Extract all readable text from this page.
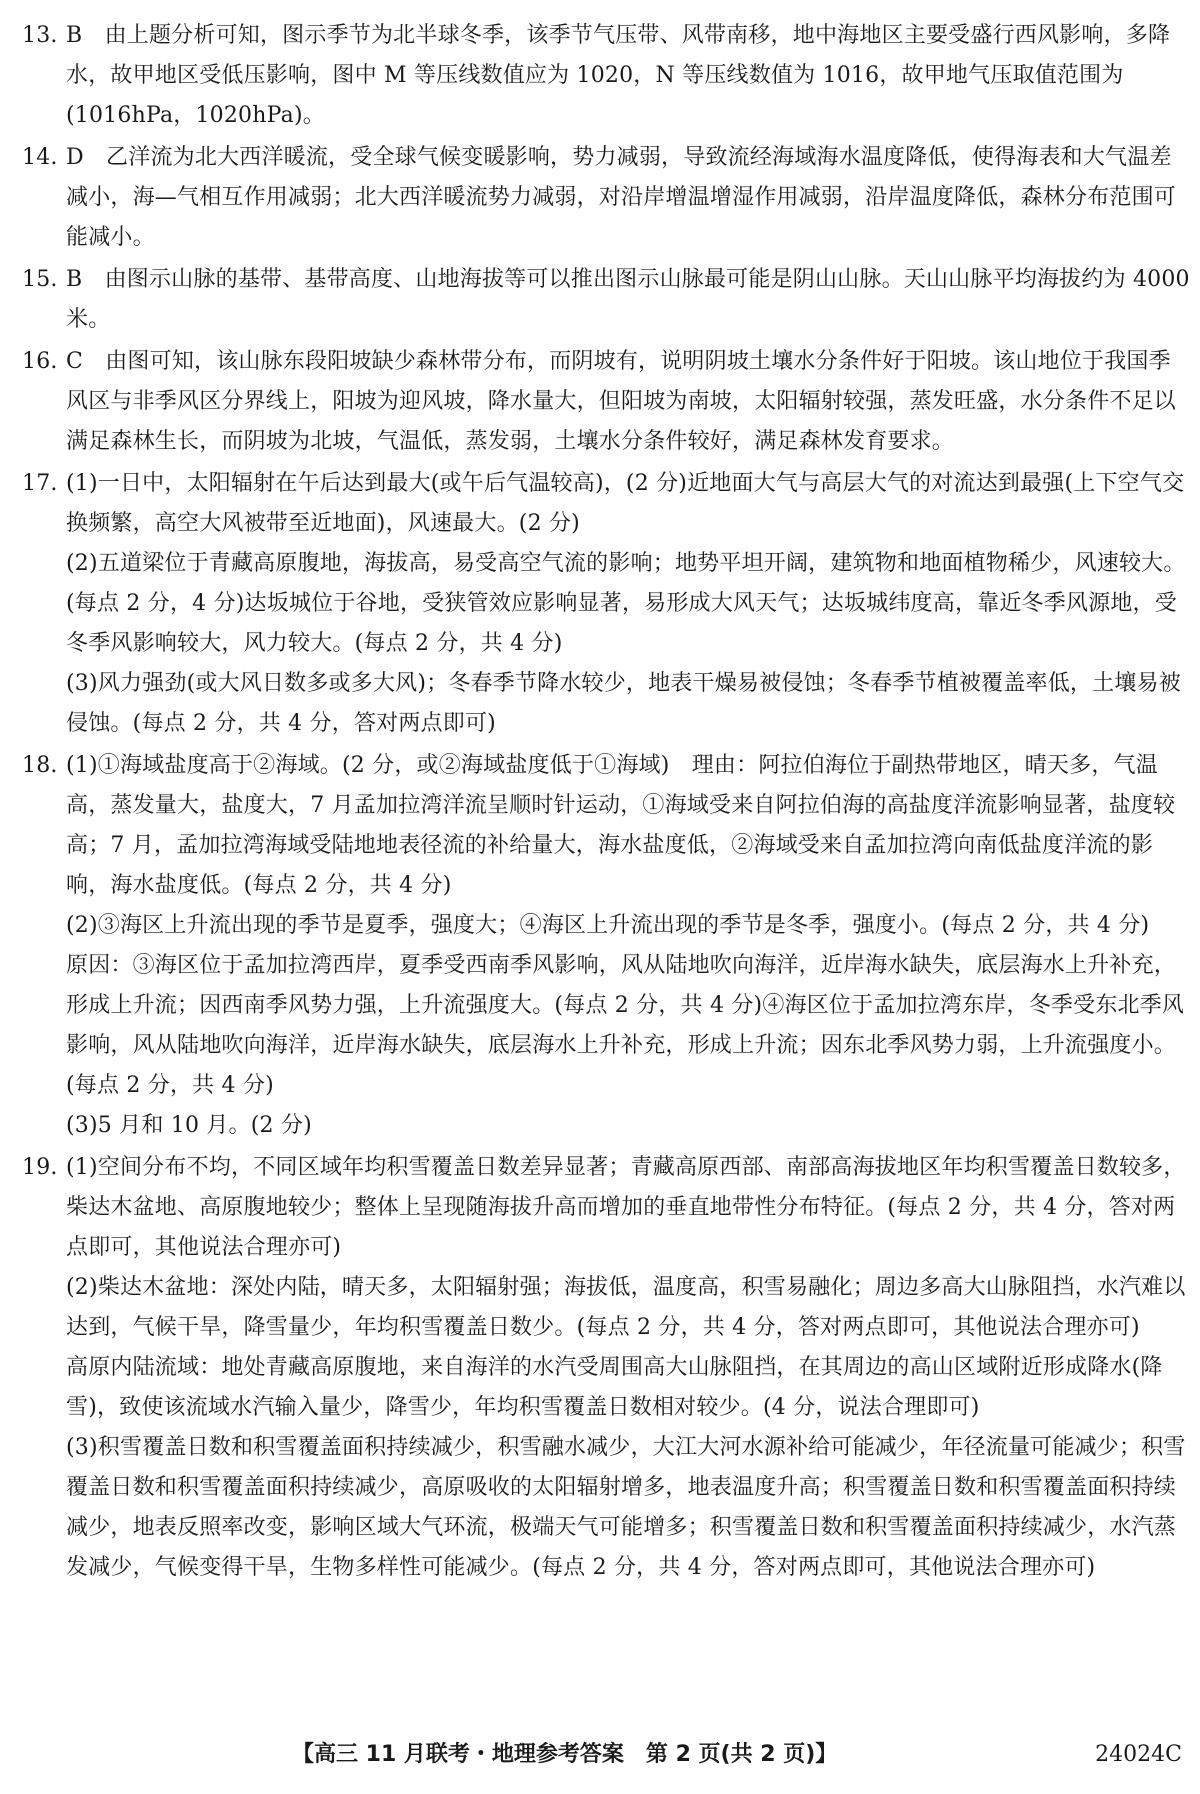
13. B　由上题分析可知，图示季节为北半球冬季，该季节气压带、风带南移，地中海地区主要受盛行西风影响，多降水，故甲地区受低压影响，图中 M 等压线数值应为 1020，N 等压线数值为 1016，故甲地气压取值范围为(1016hPa，1020hPa)。

14. D　乙洋流为北大西洋暖流，受全球气候变暖影响，势力减弱，导致流经海域海水温度降低，使得海表和大气温差减小，海—气相互作用减弱；北大西洋暖流势力减弱，对沿岸增温增湿作用减弱，沿岸温度降低，森林分布范围可能减小。

15. B　由图示山脉的基带、基带高度、山地海拔等可以推出图示山脉最可能是阴山山脉。天山山脉平均海拔约为 4000 米。

16. C　由图可知，该山脉东段阳坡缺少森林带分布，而阴坡有，说明阴坡土壤水分条件好于阳坡。该山地位于我国季风区与非季风区分界线上，阳坡为迎风坡，降水量大，但阳坡为南坡，太阳辐射较强，蒸发旺盛，水分条件不足以满足森林生长，而阴坡为北坡，气温低，蒸发弱，土壤水分条件较好，满足森林发育要求。

17. (1)一日中，太阳辐射在午后达到最大(或午后气温较高)，(2 分)近地面大气与高层大气的对流达到最强(上下空气交换频繁，高空大风被带至近地面)，风速最大。(2 分)

(2)五道梁位于青藏高原腹地，海拔高，易受高空气流的影响；地势平坦开阔，建筑物和地面植物稀少，风速较大。(每点 2 分，4 分)达坂城位于谷地，受狭管效应影响显著，易形成大风天气；达坂城纬度高，靠近冬季风源地，受冬季风影响较大，风力较大。(每点 2 分，共 4 分)

(3)风力强劲(或大风日数多或多大风)；冬春季节降水较少，地表干燥易被侵蚀；冬春季节植被覆盖率低，土壤易被侵蚀。(每点 2 分，共 4 分，答对两点即可)

18. (1)①海域盐度高于②海域。(2 分，或②海域盐度低于①海域)　理由：阿拉伯海位于副热带地区，晴天多，气温高，蒸发量大，盐度大，7 月孟加拉湾洋流呈顺时针运动，①海域受来自阿拉伯海的高盐度洋流影响显著，盐度较高；7 月，孟加拉湾海域受陆地地表径流的补给量大，海水盐度低，②海域受来自孟加拉湾向南低盐度洋流的影响，海水盐度低。(每点 2 分，共 4 分)

(2)③海区上升流出现的季节是夏季，强度大；④海区上升流出现的季节是冬季，强度小。(每点 2 分，共 4 分)　原因：③海区位于孟加拉湾西岸，夏季受西南季风影响，风从陆地吹向海洋，近岸海水缺失，底层海水上升补充，形成上升流；因西南季风势力强，上升流强度大。(每点 2 分，共 4 分)④海区位于孟加拉湾东岸，冬季受东北季风影响，风从陆地吹向海洋，近岸海水缺失，底层海水上升补充，形成上升流；因东北季风势力弱，上升流强度小。(每点 2 分，共 4 分)

(3)5 月和 10 月。(2 分)

19. (1)空间分布不均，不同区域年均积雪覆盖日数差异显著；青藏高原西部、南部高海拔地区年均积雪覆盖日数较多，柴达木盆地、高原腹地较少；整体上呈现随海拔升高而增加的垂直地带性分布特征。(每点 2 分，共 4 分，答对两点即可，其他说法合理亦可)

(2)柴达木盆地：深处内陆，晴天多，太阳辐射强；海拔低，温度高，积雪易融化；周边多高大山脉阻挡，水汽难以达到，气候干旱，降雪量少，年均积雪覆盖日数少。(每点 2 分，共 4 分，答对两点即可，其他说法合理亦可)

高原内陆流域：地处青藏高原腹地，来自海洋的水汽受周围高大山脉阻挡，在其周边的高山区域附近形成降水(降雪)，致使该流域水汽输入量少，降雪少，年均积雪覆盖日数相对较少。(4 分，说法合理即可)

(3)积雪覆盖日数和积雪覆盖面积持续减少，积雪融水减少，大江大河水源补给可能减少，年径流量可能减少；积雪覆盖日数和积雪覆盖面积持续减少，高原吸收的太阳辐射增多，地表温度升高；积雪覆盖日数和积雪覆盖面积持续减少，地表反照率改变，影响区域大气环流，极端天气可能增多；积雪覆盖日数和积雪覆盖面积持续减少，水汽蒸发减少，气候变得干旱，生物多样性可能减少。(每点 2 分，共 4 分，答对两点即可，其他说法合理亦可)

【高三 11 月联考・地理参考答案　第 2 页(共 2 页)】	24024C
